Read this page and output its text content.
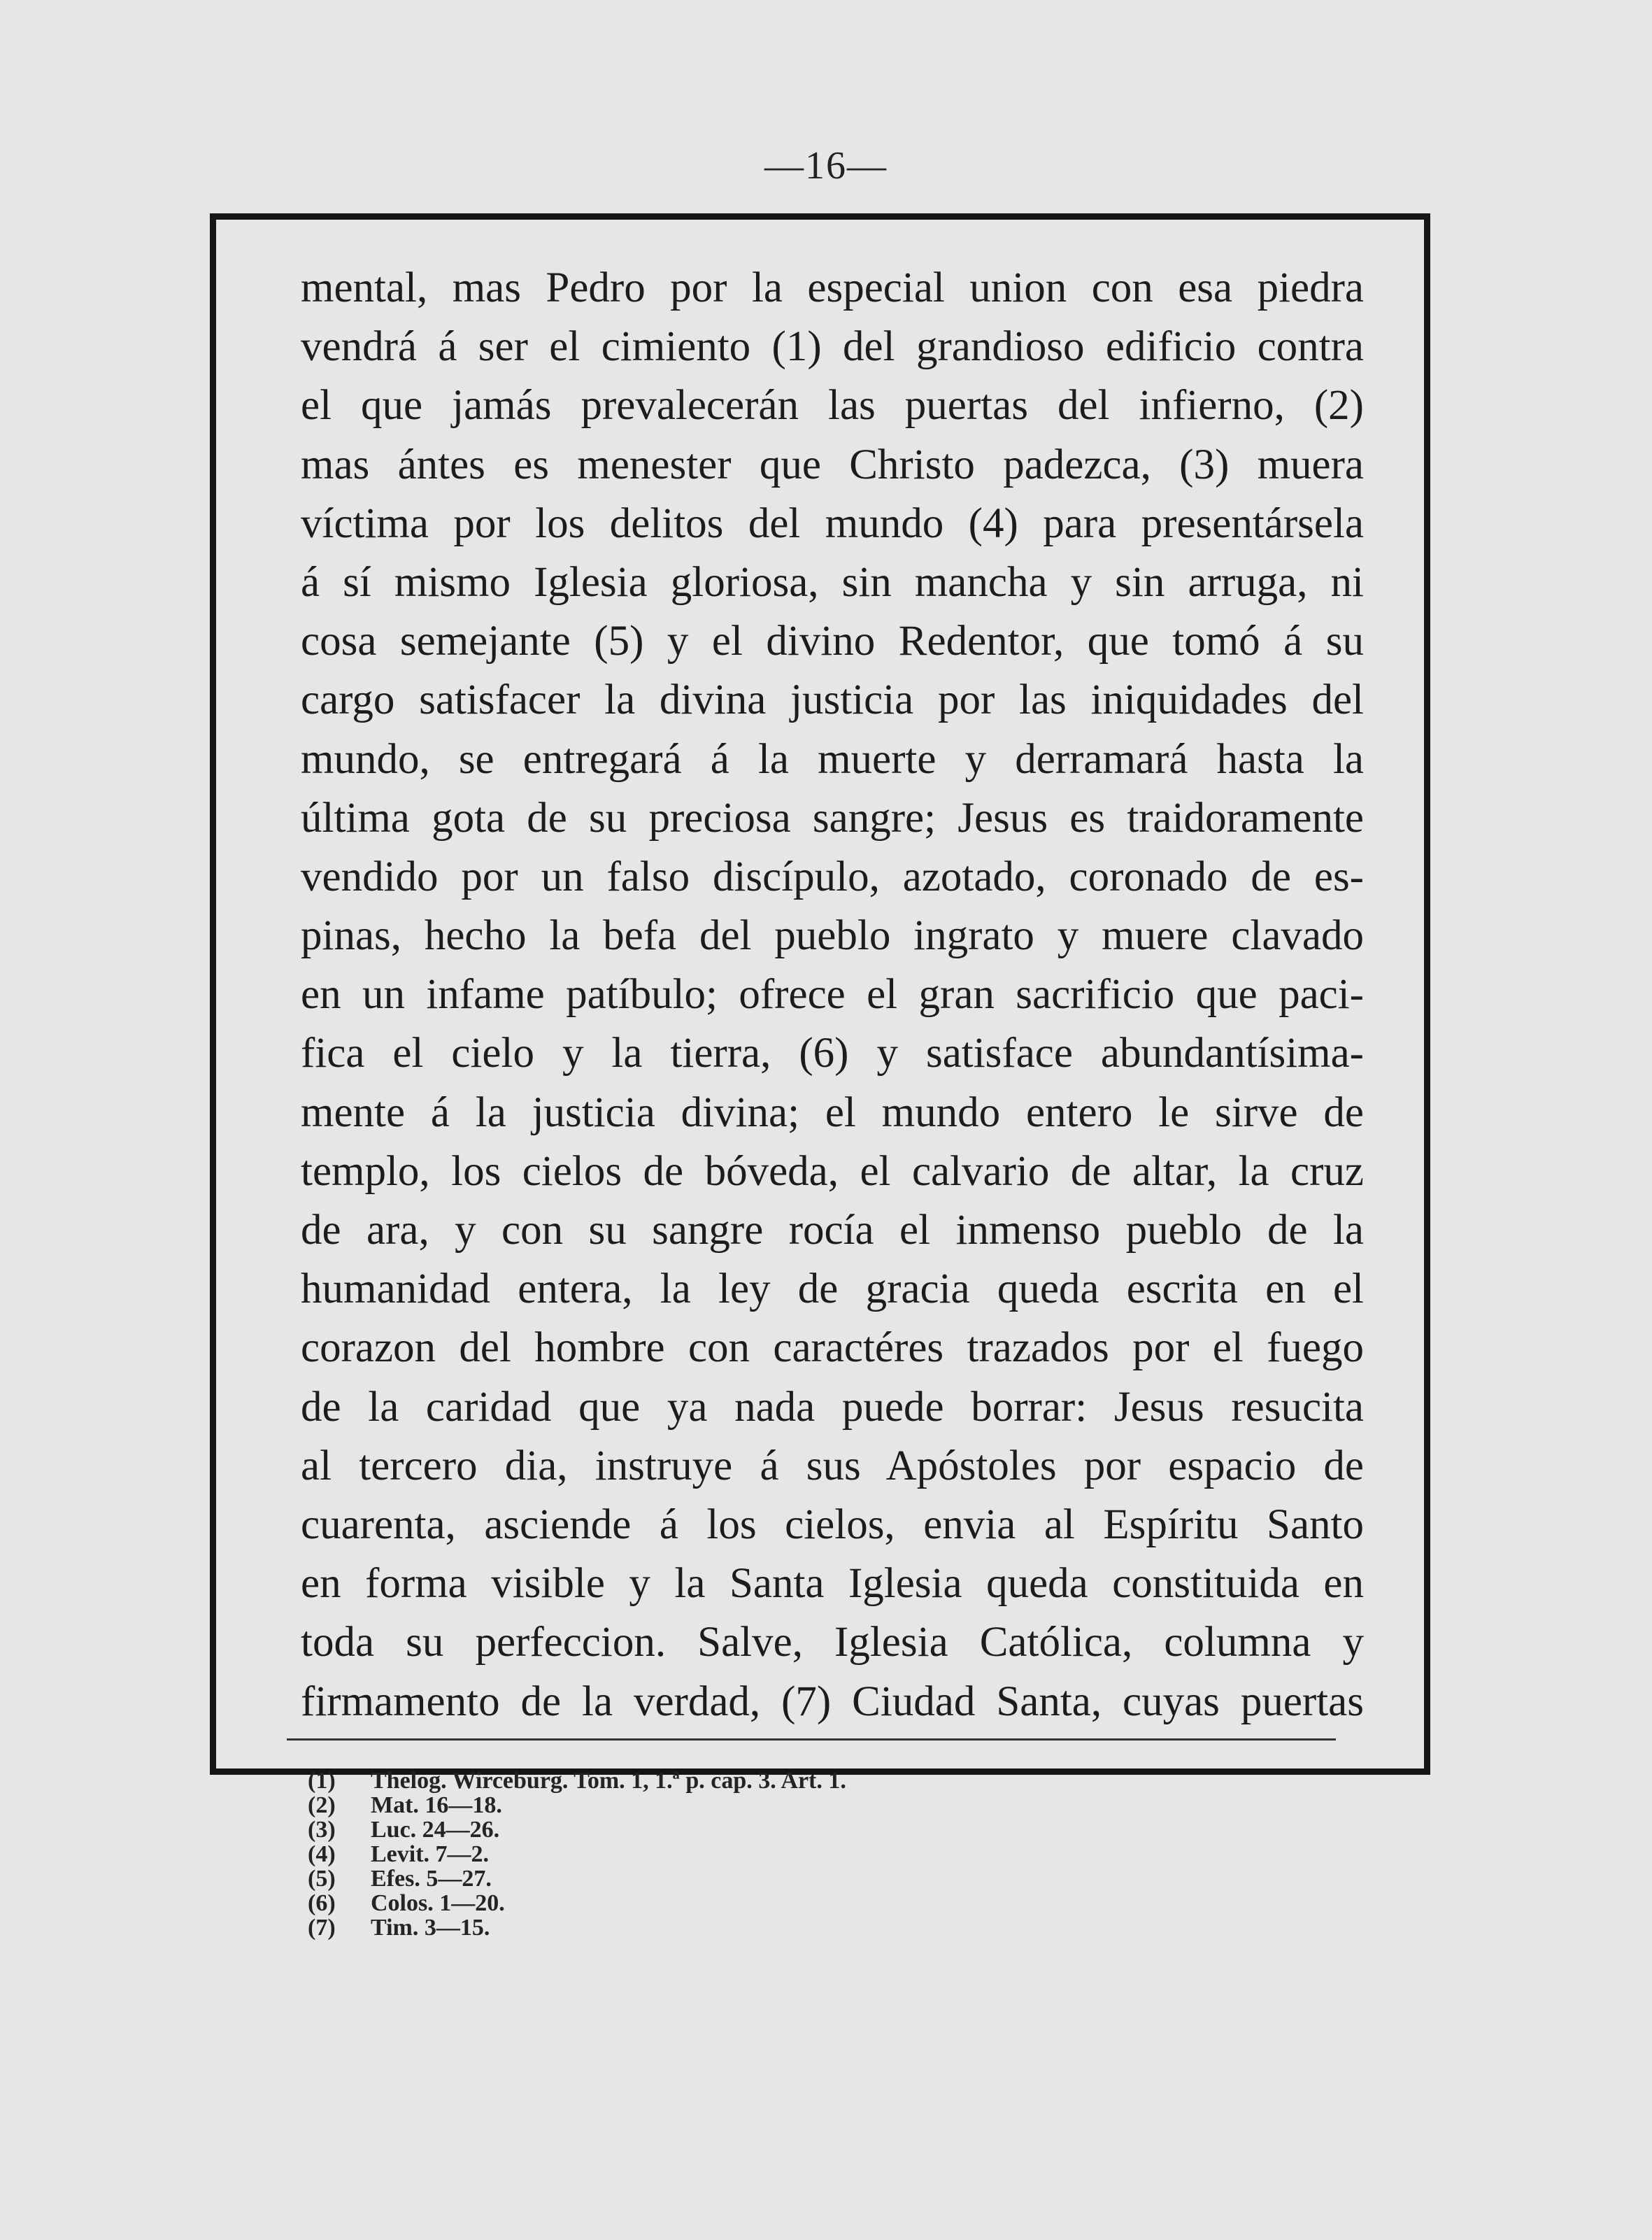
—16—
mental, mas Pedro por la especial union con esa piedra
vendrá á ser el cimiento (1) del grandioso edificio contra
el que jamás prevalecerán las puertas del infierno, (2)
mas ántes es menester que Christo padezca, (3) muera
víctima por los delitos del mundo (4) para presentársela
á sí mismo Iglesia gloriosa, sin mancha y sin arruga, ni
cosa semejante (5) y el divino Redentor, que tomó á su
cargo satisfacer la divina justicia por las iniquidades del
mundo, se entregará á la muerte y derramará hasta la
última gota de su preciosa sangre; Jesus es traidoramente
vendido por un falso discípulo, azotado, coronado de es-
pinas, hecho la befa del pueblo ingrato y muere clavado
en un infame patíbulo; ofrece el gran sacrificio que paci-
fica el cielo y la tierra, (6) y satisface abundantísima-
mente á la justicia divina; el mundo entero le sirve de
templo, los cielos de bóveda, el calvario de altar, la cruz
de ara, y con su sangre rocía el inmenso pueblo de la
humanidad entera, la ley de gracia queda escrita en el
corazon del hombre con caractéres trazados por el fuego
de la caridad que ya nada puede borrar: Jesus resucita
al tercero dia, instruye á sus Apóstoles por espacio de
cuarenta, asciende á los cielos, envia al Espíritu Santo
en forma visible y la Santa Iglesia queda constituida en
toda su perfeccion. Salve, Iglesia Católica, columna y
firmamento de la verdad, (7) Ciudad Santa, cuyas puertas
(1) Thelog. Wirceburg. Tom. 1, 1.ª p. cap. 3. Art. 1.
(2) Mat. 16—18.
(3) Luc. 24—26.
(4) Levit. 7—2.
(5) Efes. 5—27.
(6) Colos. 1—20.
(7) Tim. 3—15.
